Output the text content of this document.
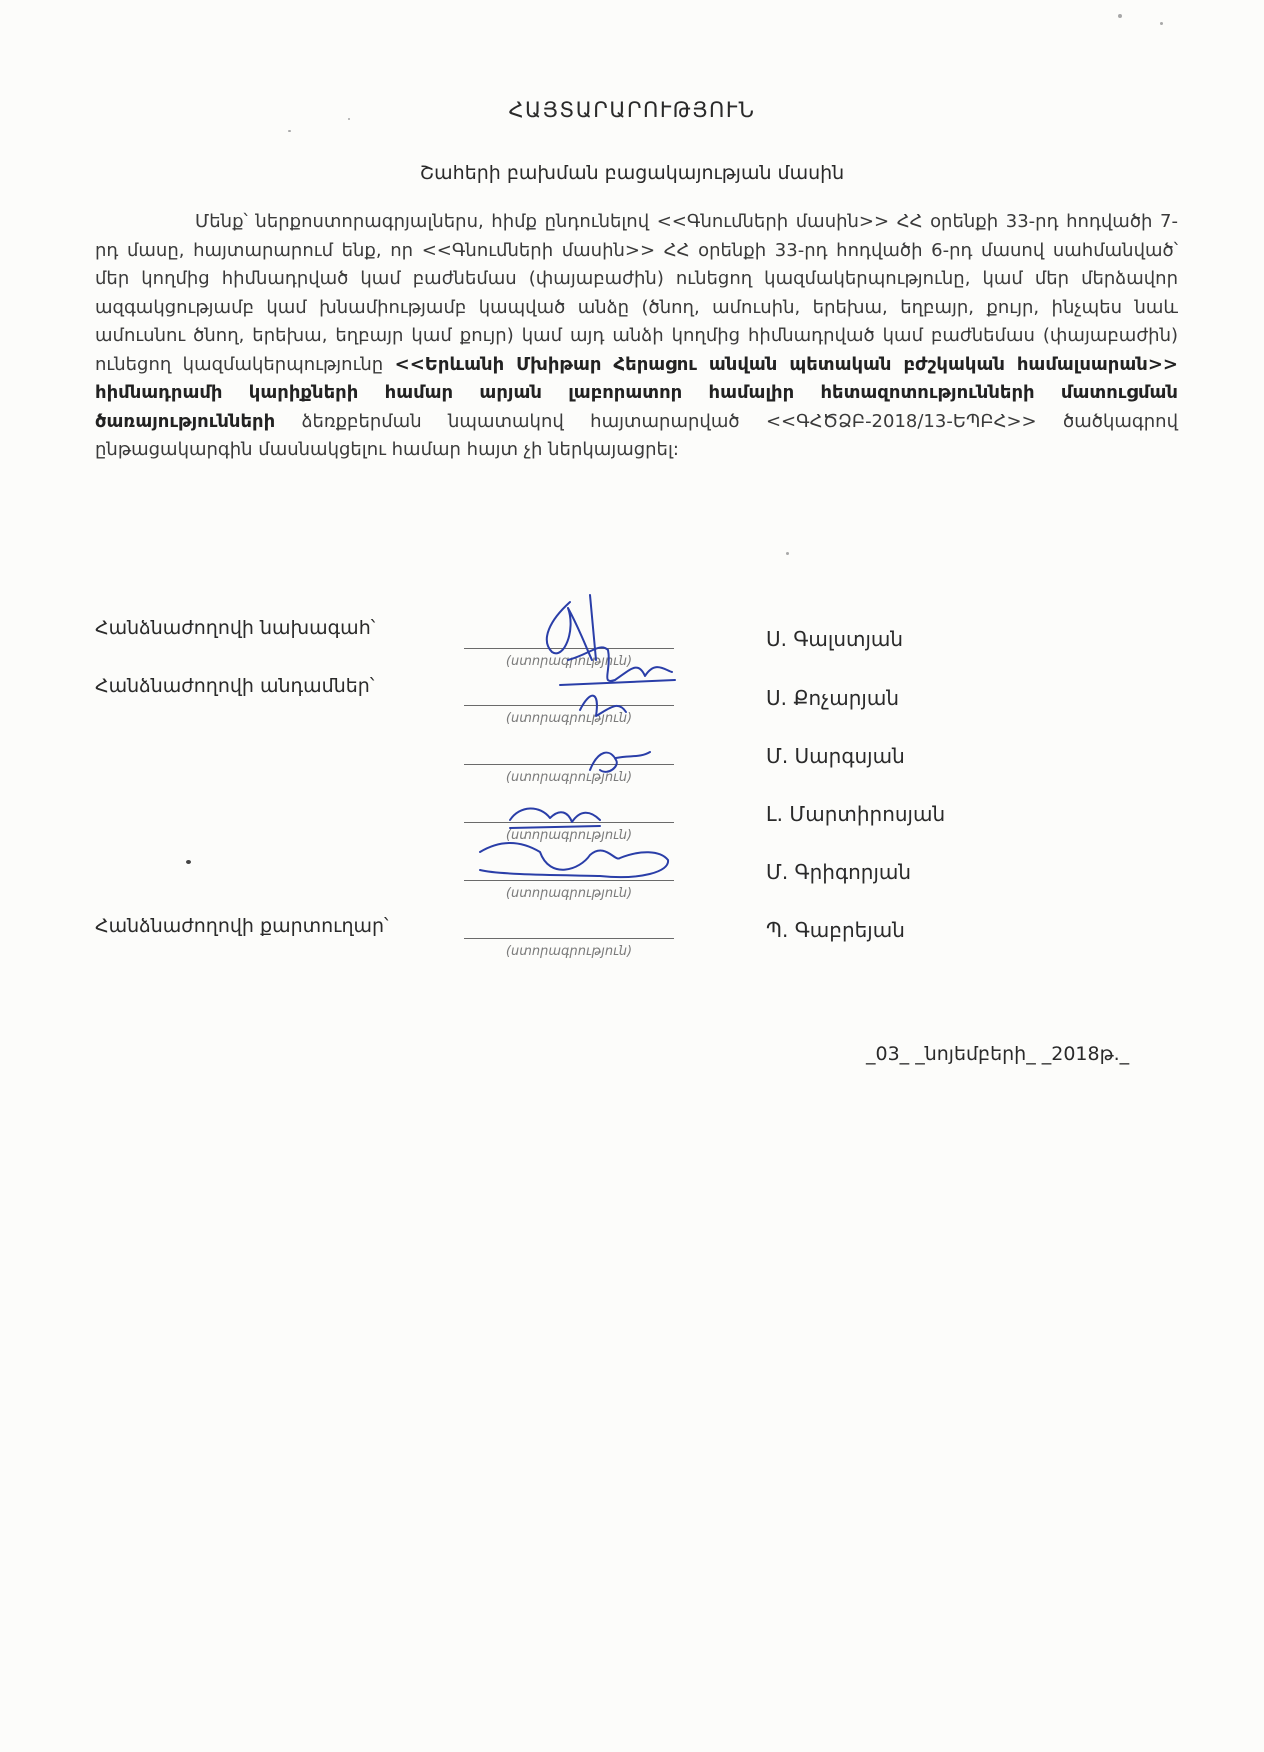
ՀԱՅՏԱՐԱՐՈՒԹՅՈՒՆ
Շահերի բախման բացակայության մասին
Մենք՝ ներքոստորագրյալներս, հիմք ընդունելով <<Գնումների մասին>> ՀՀ օրենքի 33-րդ հոդվածի 7-րդ մասը, հայտարարում ենք, որ <<Գնումների մասին>> ՀՀ օրենքի 33-րդ հոդվածի 6-րդ մասով սահմանված՝ մեր կողմից հիմնադրված կամ բաժնեմաս (փայաբաժին) ունեցող կազմակերպությունը, կամ մեր մերձավոր ազգակցությամբ կամ խնամիությամբ կապված անձը (ծնող, ամուսին, երեխա, եղբայր, քույր, ինչպես նաև ամուսնու ծնող, երեխա, եղբայր կամ քույր) կամ այդ անձի կողմից հիմնադրված կամ բաժնեմաս (փայաբաժին) ունեցող կազմակերպությունը <<Երևանի Մխիթար Հերացու անվան պետական բժշկական համալսարան>> հիմնադրամի կարիքների համար արյան լաբորատոր համալիր հետազոտությունների մատուցման ծառայությունների ձեռքբերման նպատակով հայտարարված <<ԳՀԾՁԲ-2018/13-ԵՊԲՀ>> ծածկագրով ընթացակարգին մասնակցելու համար հայտ չի ներկայացրել:
Հանձնաժողովի նախագահ՝
Հանձնաժողովի անդամներ՝
Հանձնաժողովի քարտուղար՝
(ստորագրություն)
(ստորագրություն)
(ստորագրություն)
(ստորագրություն)
(ստորագրություն)
(ստորագրություն)
Ս. Գալստյան
Ս. Քոչարյան
Մ. Սարգսյան
Լ. Մարտիրոսյան
Մ. Գրիգորյան
Պ. Գաբրեյան
_03_ _նոյեմբերի_ _2018թ._
